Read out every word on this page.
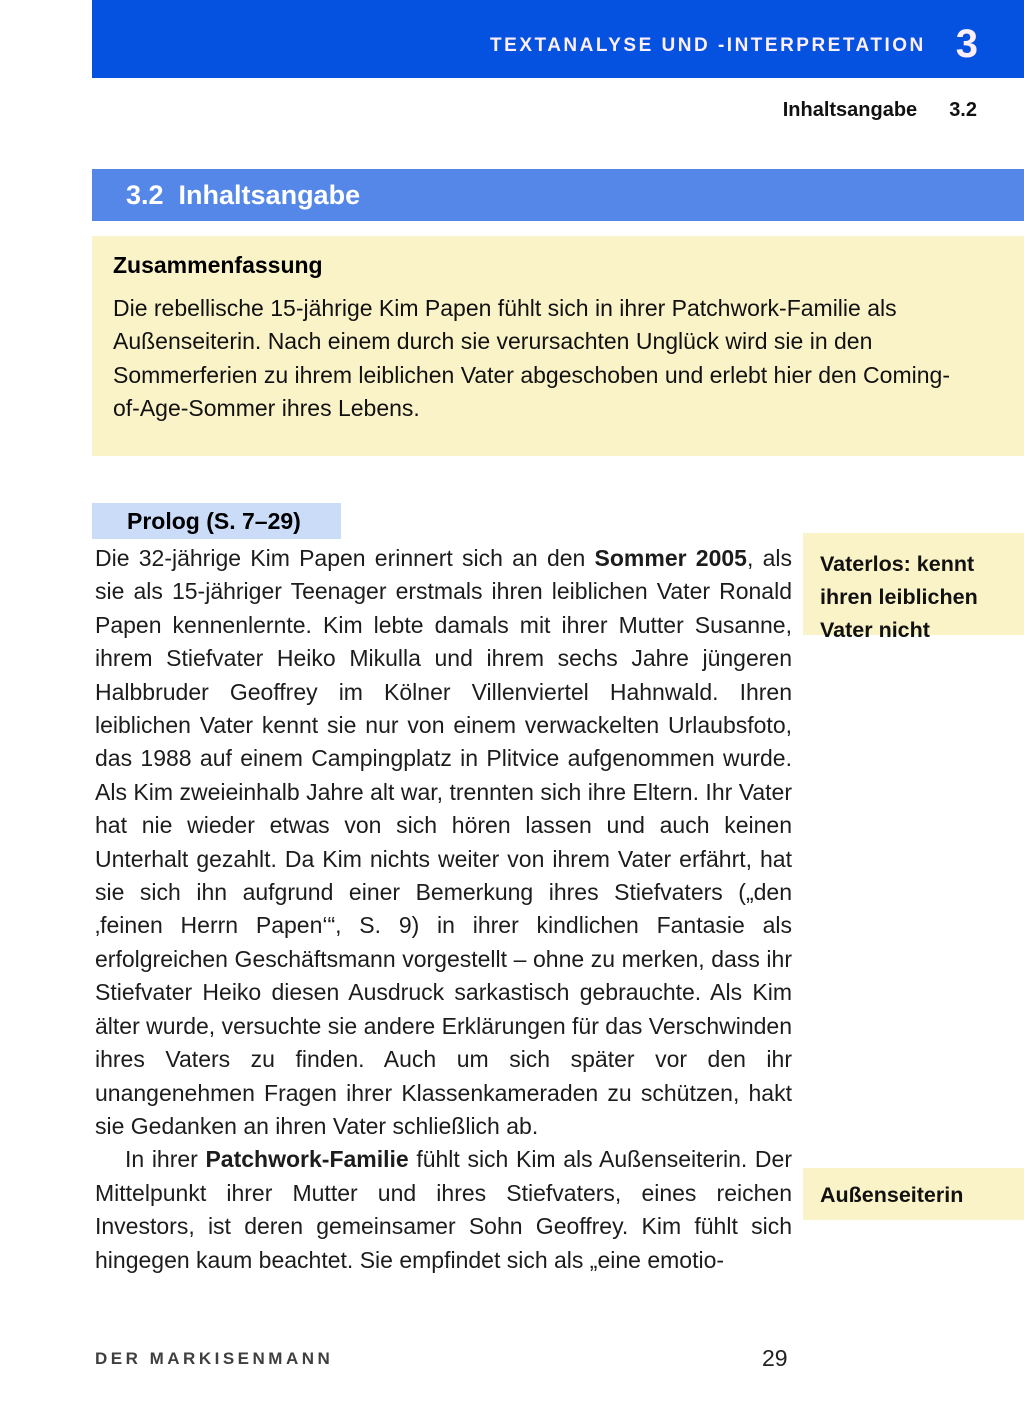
TEXTANALYSE UND -INTERPRETATION 3
Inhaltsangabe 3.2
3.2 Inhaltsangabe
Zusammenfassung
Die rebellische 15-jährige Kim Papen fühlt sich in ihrer Patchwork-Familie als Außenseiterin. Nach einem durch sie verursachten Unglück wird sie in den Sommerferien zu ihrem leiblichen Vater abgeschoben und erlebt hier den Coming-of-Age-Sommer ihres Lebens.
Prolog (S. 7–29)

Die 32-jährige Kim Papen erinnert sich an den Sommer 2005, als sie als 15-jähriger Teenager erstmals ihren leiblichen Vater Ronald Papen kennenlernte. Kim lebte damals mit ihrer Mutter Susanne, ihrem Stiefvater Heiko Mikulla und ihrem sechs Jahre jüngeren Halbbruder Geoffrey im Kölner Villenviertel Hahnwald. Ihren leiblichen Vater kennt sie nur von einem verwackelten Urlaubsfoto, das 1988 auf einem Campingplatz in Plitvice aufgenommen wurde. Als Kim zweieinhalb Jahre alt war, trennten sich ihre Eltern. Ihr Vater hat nie wieder etwas von sich hören lassen und auch keinen Unterhalt gezahlt. Da Kim nichts weiter von ihrem Vater erfährt, hat sie sich ihn aufgrund einer Bemerkung ihres Stiefvaters („den ‚feinen Herrn Papen‘“, S. 9) in ihrer kindlichen Fantasie als erfolgreichen Geschäftsmann vorgestellt – ohne zu merken, dass ihr Stiefvater Heiko diesen Ausdruck sarkastisch gebrauchte. Als Kim älter wurde, versuchte sie andere Erklärungen für das Verschwinden ihres Vaters zu finden. Auch um sich später vor den ihr unangenehmen Fragen ihrer Klassenkameraden zu schützen, hakt sie Gedanken an ihren Vater schließlich ab.

In ihrer Patchwork-Familie fühlt sich Kim als Außenseiterin. Der Mittelpunkt ihrer Mutter und ihres Stiefvaters, eines reichen Investors, ist deren gemeinsamer Sohn Geoffrey. Kim fühlt sich hingegen kaum beachtet. Sie empfindet sich als „eine emotio-

Vaterlos: kennt ihren leiblichen Vater nicht
Außenseiterin
DER MARKISENMANN	29
